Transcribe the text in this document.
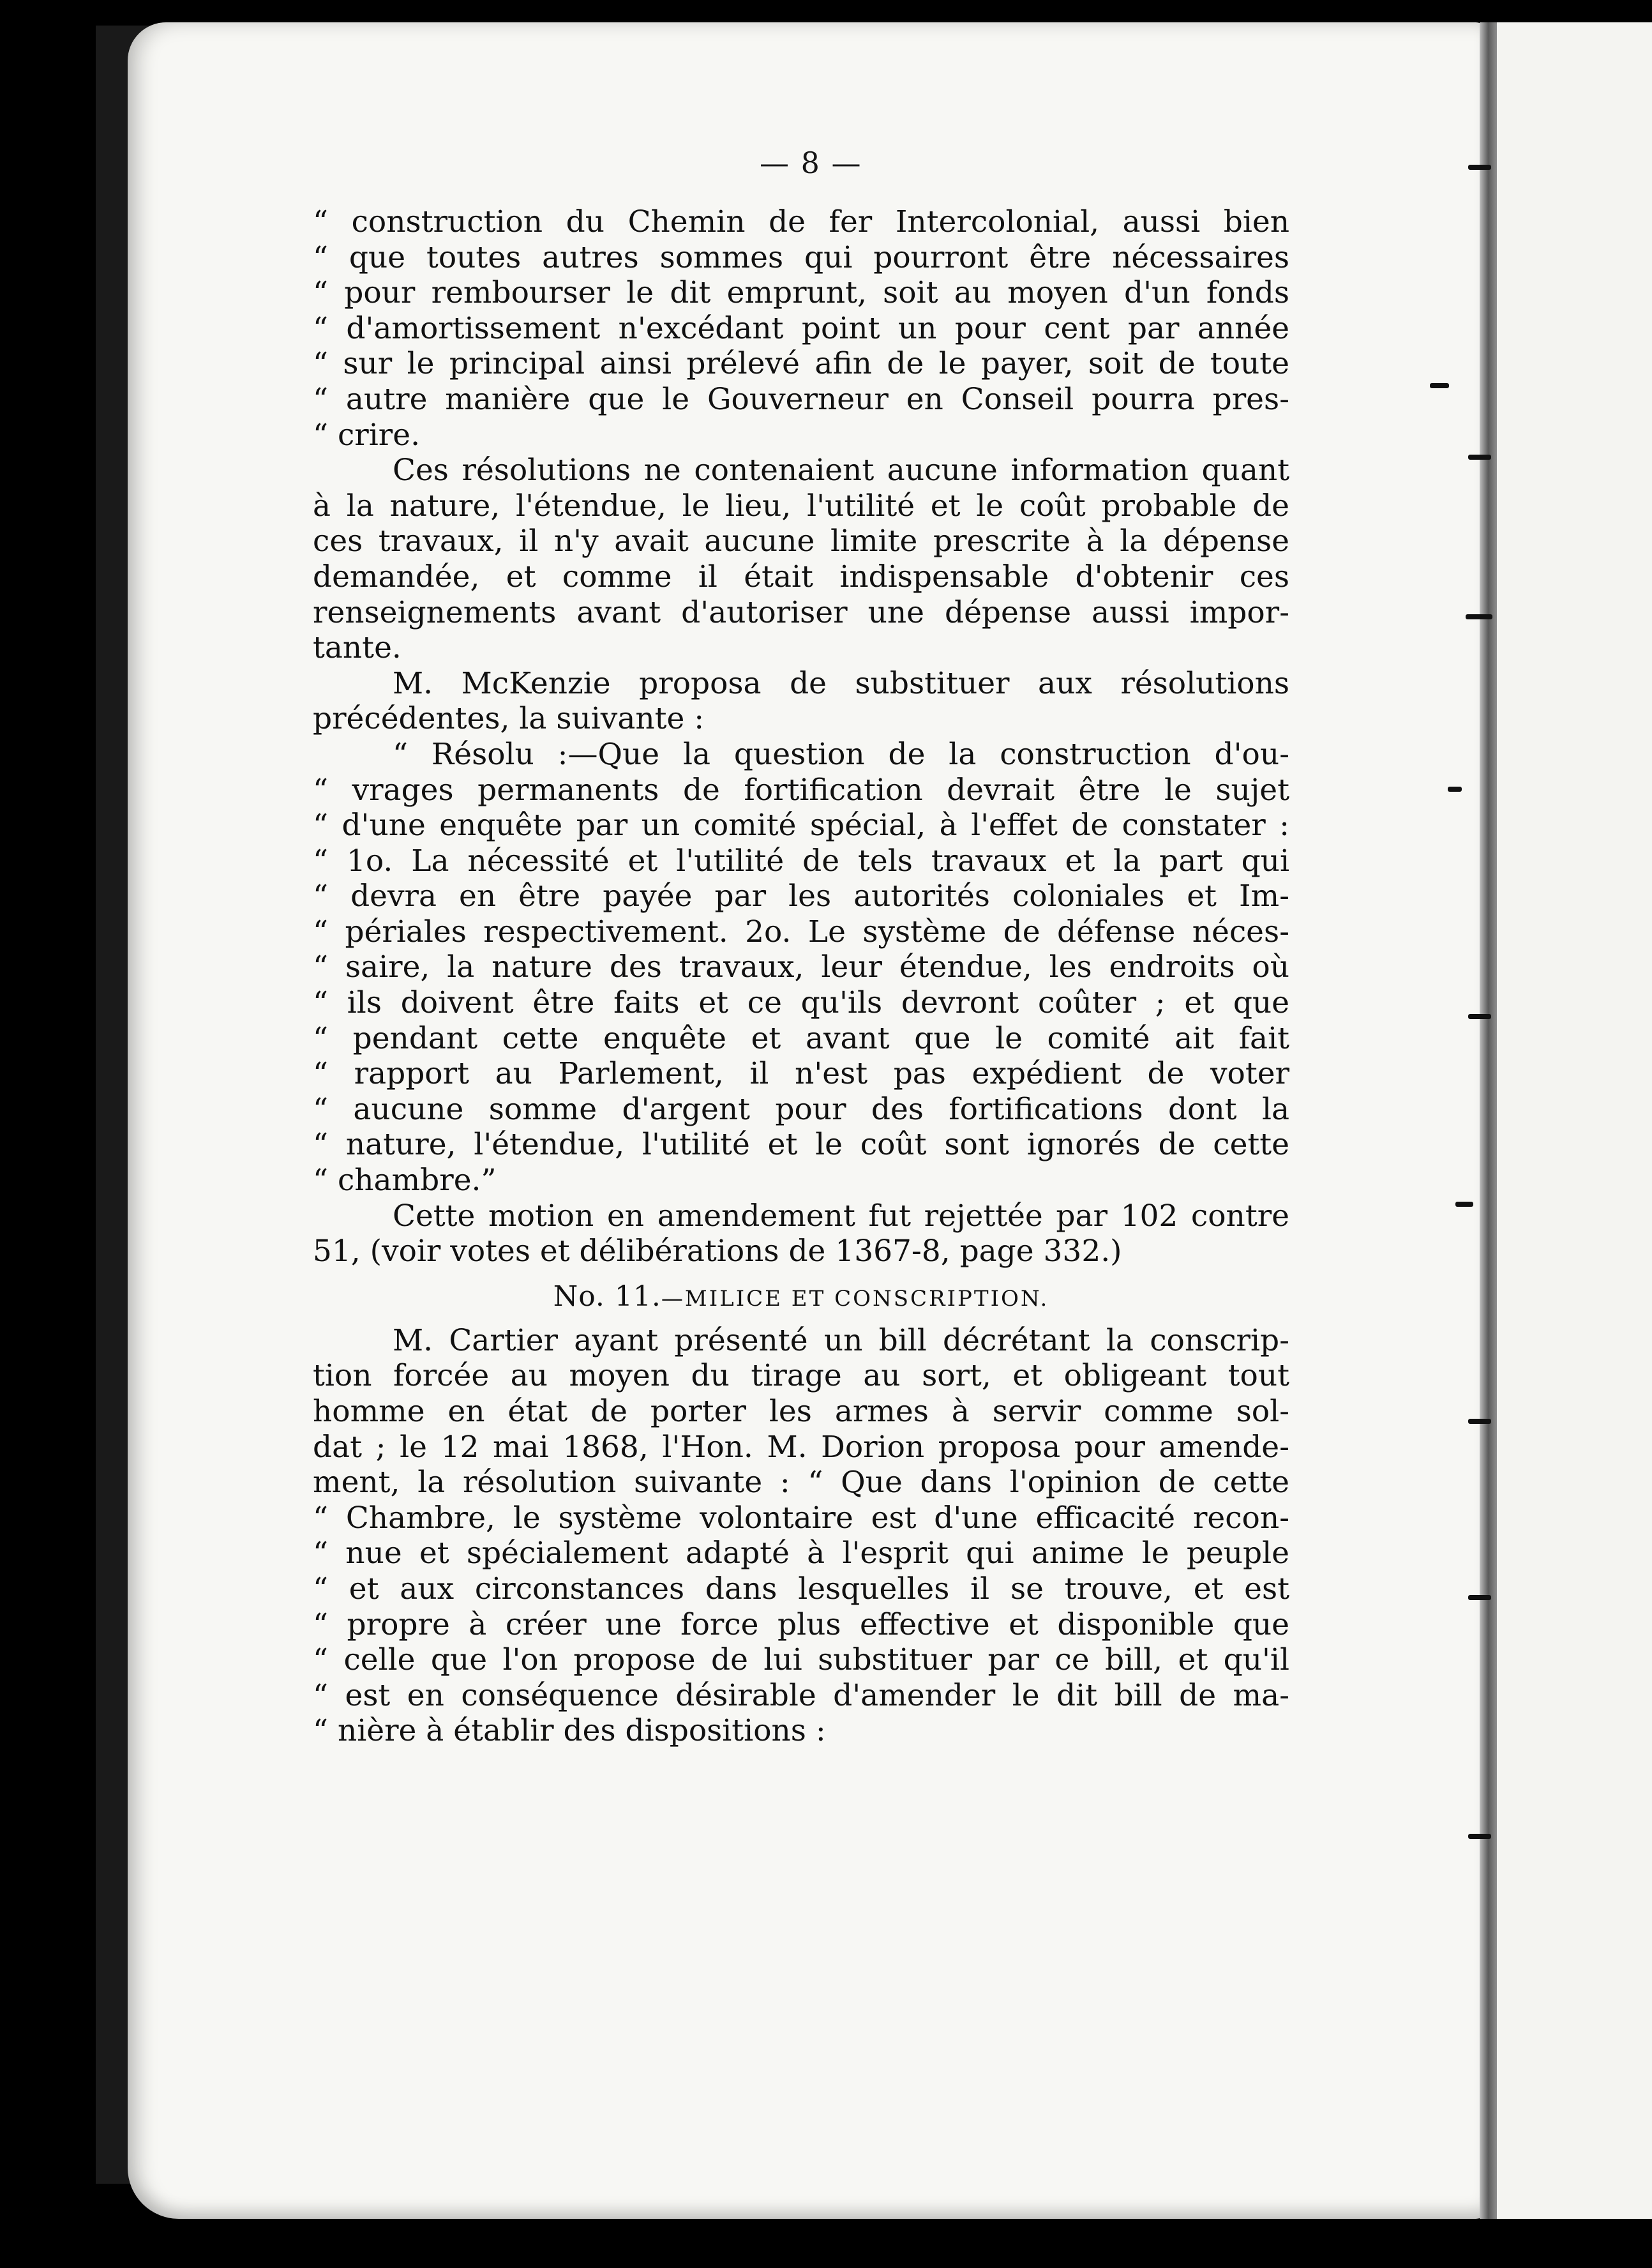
— 8 —
“ construction du Chemin de fer Intercolonial, aussi bien
“ que toutes autres sommes qui pourront être nécessaires
“ pour rembourser le dit emprunt, soit au moyen d'un fonds
“ d'amortissement n'excédant point un pour cent par année
“ sur le principal ainsi prélevé afin de le payer, soit de toute
“ autre manière que le Gouverneur en Conseil pourra pres-
“ crire.
Ces résolutions ne contenaient aucune information quant
à la nature, l'étendue, le lieu, l'utilité et le coût probable de
ces travaux, il n'y avait aucune limite prescrite à la dépense
demandée, et comme il était indispensable d'obtenir ces
renseignements avant d'autoriser une dépense aussi impor-
tante.
M. McKenzie proposa de substituer aux résolutions
précédentes, la suivante :
“ Résolu :—Que la question de la construction d'ou-
“ vrages permanents de fortification devrait être le sujet
“ d'une enquête par un comité spécial, à l'effet de constater :
“ 1o. La nécessité et l'utilité de tels travaux et la part qui
“ devra en être payée par les autorités coloniales et Im-
“ périales respectivement. 2o. Le système de défense néces-
“ saire, la nature des travaux, leur étendue, les endroits où
“ ils doivent être faits et ce qu'ils devront coûter ; et que
“ pendant cette enquête et avant que le comité ait fait
“ rapport au Parlement, il n'est pas expédient de voter
“ aucune somme d'argent pour des fortifications dont la
“ nature, l'étendue, l'utilité et le coût sont ignorés de cette
“ chambre.”
Cette motion en amendement fut rejettée par 102 contre
51, (voir votes et délibérations de 1367-8, page 332.)
No. 11.—MILICE ET CONSCRIPTION.
M. Cartier ayant présenté un bill décrétant la conscrip-
tion forcée au moyen du tirage au sort, et obligeant tout
homme en état de porter les armes à servir comme sol-
dat ; le 12 mai 1868, l'Hon. M. Dorion proposa pour amende-
ment, la résolution suivante : “ Que dans l'opinion de cette
“ Chambre, le système volontaire est d'une efficacité recon-
“ nue et spécialement adapté à l'esprit qui anime le peuple
“ et aux circonstances dans lesquelles il se trouve, et est
“ propre à créer une force plus effective et disponible que
“ celle que l'on propose de lui substituer par ce bill, et qu'il
“ est en conséquence désirable d'amender le dit bill de ma-
“ nière à établir des dispositions :
